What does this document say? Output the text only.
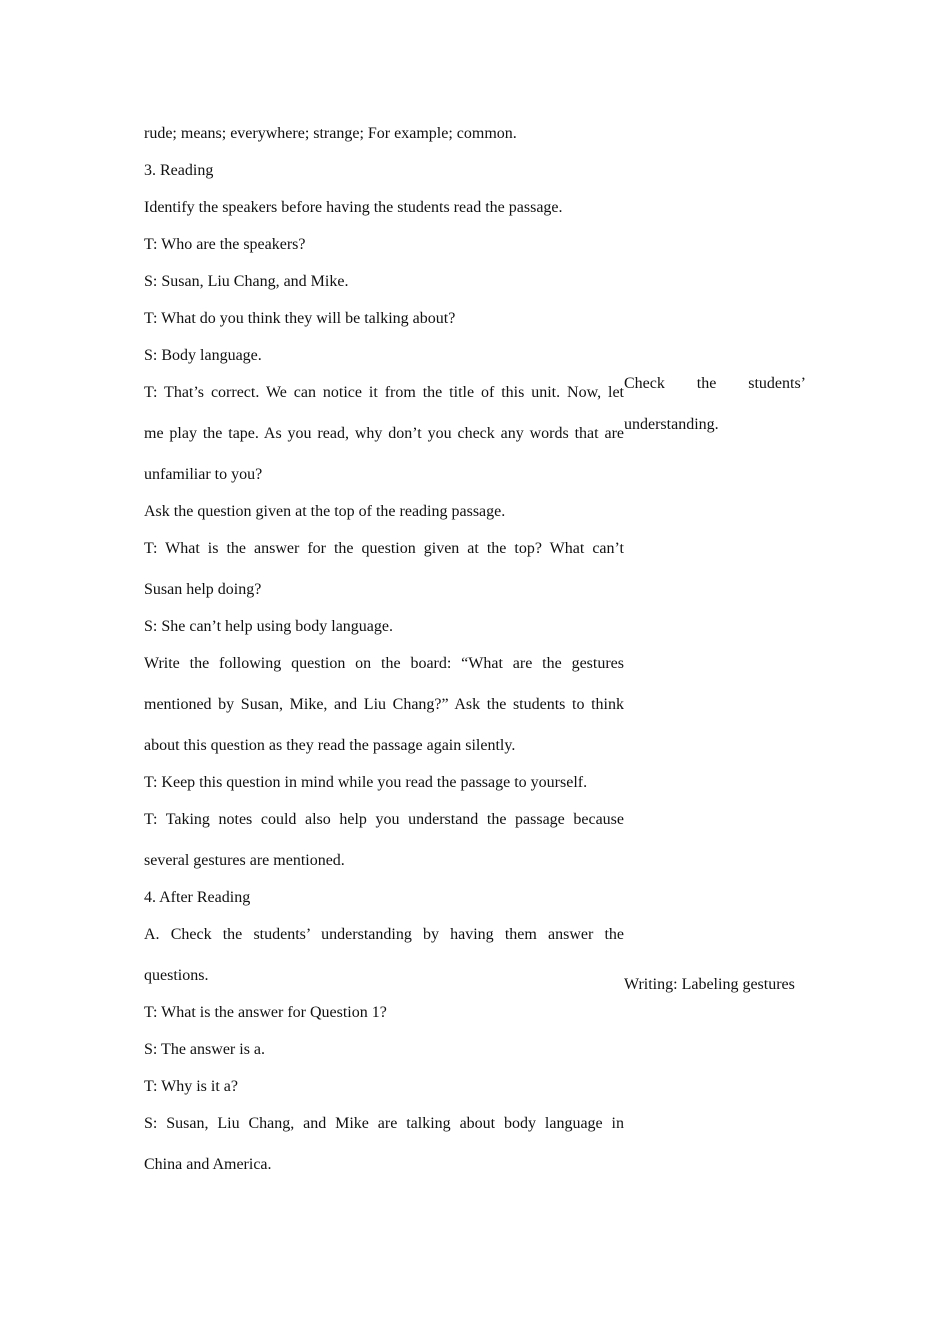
rude; means; everywhere; strange; For example; common.

3. Reading

Identify the speakers before having the students read the passage.

T: Who are the speakers?

S: Susan, Liu Chang, and Mike.

T: What do you think they will be talking about?

S: Body language.

T: That’s correct. We can notice it from the title of this unit. Now, let

me play the tape. As you read, why don’t you check any words that are

unfamiliar to you?

Ask the question given at the top of the reading passage.

T: What is the answer for the question given at the top? What can’t

Susan help doing?

S: She can’t help using body language.

Write the following question on the board: “What are the gestures

mentioned by Susan, Mike, and Liu Chang?” Ask the students to think

about this question as they read the passage again silently.

T: Keep this question in mind while you read the passage to yourself.

T: Taking notes could also help you understand the passage because

several gestures are mentioned.

4. After Reading

A. Check the students’ understanding by having them answer the

questions.

T: What is the answer for Question 1?

S: The answer is a.

T: Why is it a?

S: Susan, Liu Chang, and Mike are talking about body language in

China and America.

Check the students’

understanding.

Writing: Labeling gestures
